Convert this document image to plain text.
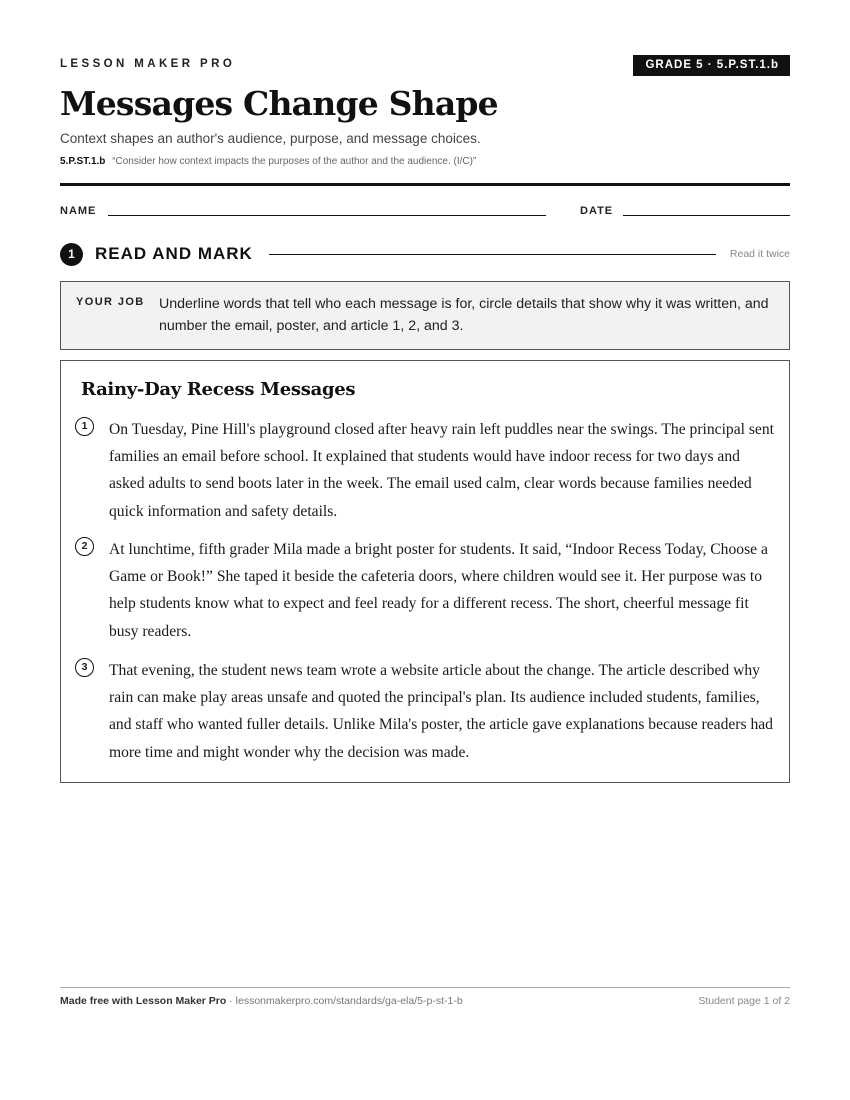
LESSON MAKER PRO	GRADE 5 · 5.P.ST.1.b
Messages Change Shape
Context shapes an author's audience, purpose, and message choices.
5.P.ST.1.b “Consider how context impacts the purposes of the author and the audience. (I/C)”
NAME	DATE
1	READ AND MARK	Read it twice
YOUR JOB Underline words that tell who each message is for, circle details that show why it was written, and number the email, poster, and article 1, 2, and 3.
Rainy-Day Recess Messages
1	On Tuesday, Pine Hill's playground closed after heavy rain left puddles near the swings. The principal sent families an email before school. It explained that students would have indoor recess for two days and asked adults to send boots later in the week. The email used calm, clear words because families needed quick information and safety details.

2	At lunchtime, fifth grader Mila made a bright poster for students. It said, “Indoor Recess Today, Choose a Game or Book!” She taped it beside the cafeteria doors, where children would see it. Her purpose was to help students know what to expect and feel ready for a different recess. The short, cheerful message fit busy readers.

3	That evening, the student news team wrote a website article about the change. The article described why rain can make play areas unsafe and quoted the principal's plan. Its audience included students, families, and staff who wanted fuller details. Unlike Mila's poster, the article gave explanations because readers had more time and might wonder why the decision was made.

Made free with Lesson Maker Pro · lessonmakerpro.com/standards/ga-ela/5-p-st-1-b	Student page 1 of 2
